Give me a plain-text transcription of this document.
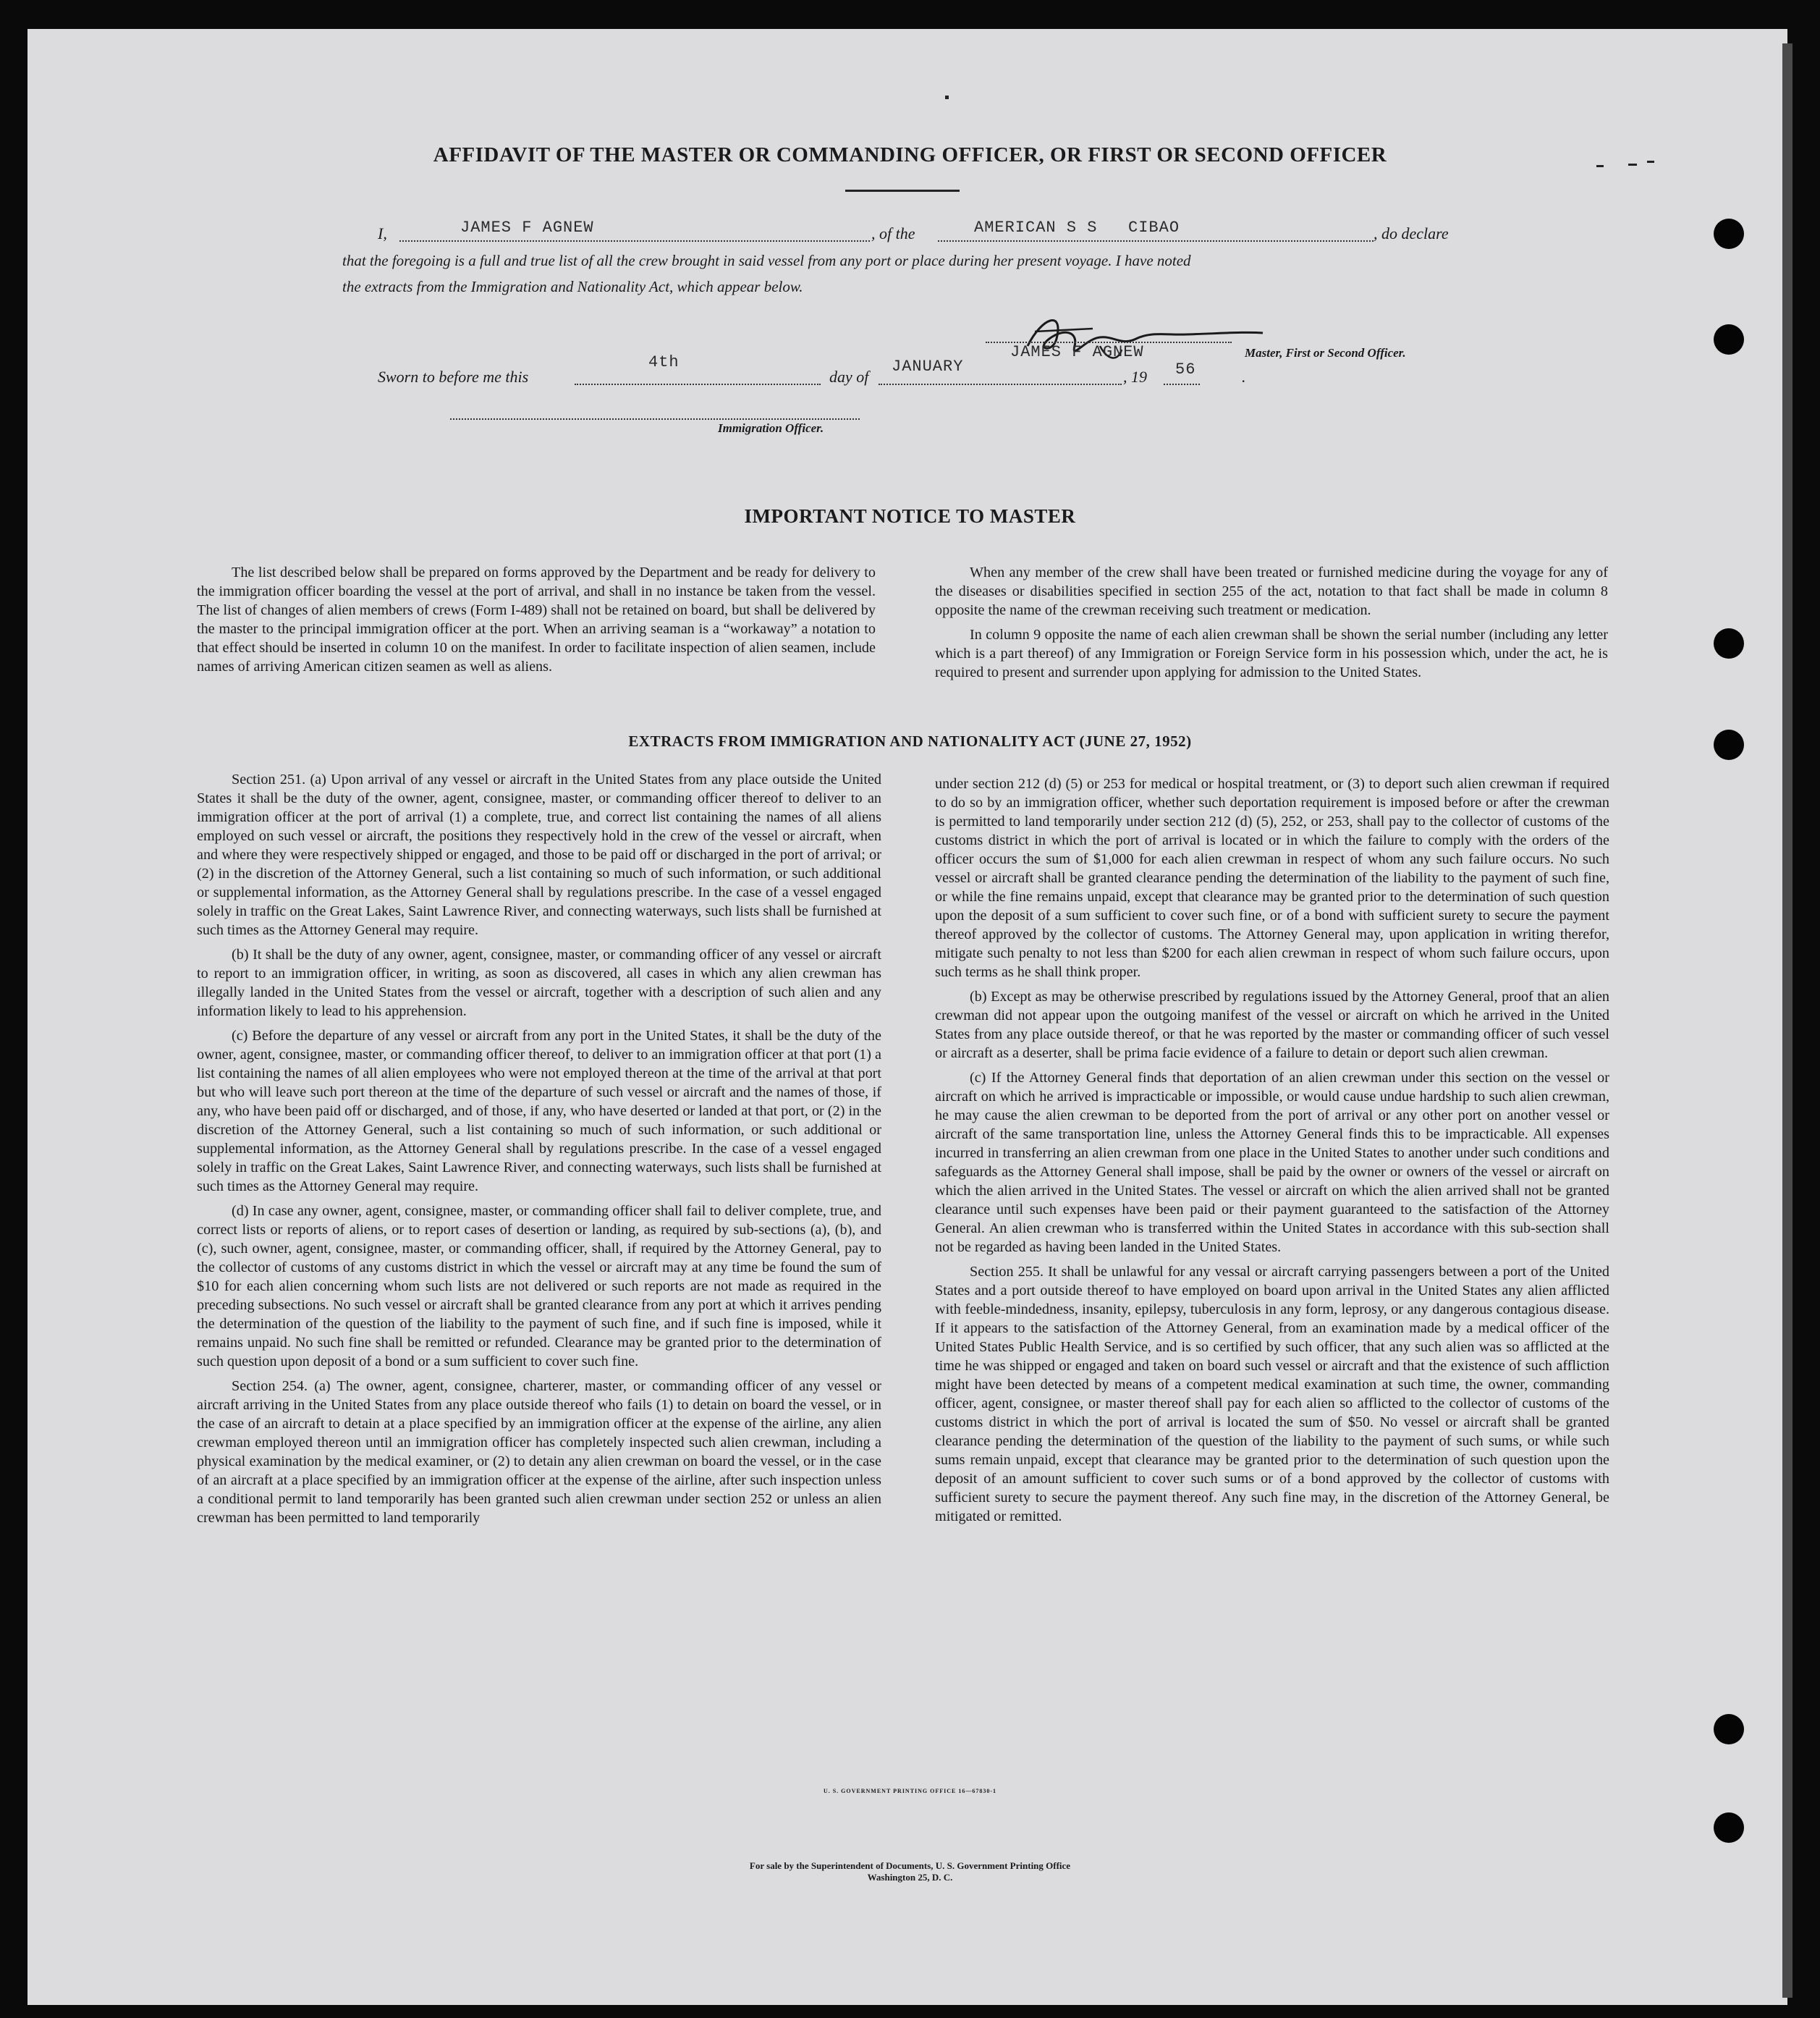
AFFIDAVIT OF THE MASTER OR COMMANDING OFFICER, OR FIRST OR SECOND OFFICER
I,	JAMES F AGNEW	, of the	AMERICAN S S   CIBAO	, do declare
that the foregoing is a full and true list of all the crew brought in said vessel from any port or place during her present voyage. I have noted
the extracts from the Immigration and Nationality Act, which appear below.
JAMES F AGNEW	Master, First or Second Officer.
Sworn to before me this
4th
day of
JANUARY
, 19 56	.
Immigration Officer.
IMPORTANT NOTICE TO MASTER

The list described below shall be prepared on forms approved by the Department and be ready for delivery to the immigration officer boarding the vessel at the port of arrival, and shall in no instance be taken from the vessel. The list of changes of alien members of crews (Form I-489) shall not be retained on board, but shall be delivered by the master to the principal immigration officer at the port. When an arriving seaman is a “workaway” a notation to that effect should be inserted in column 10 on the manifest. In order to facilitate inspection of alien seamen, include names of arriving American citizen seamen as well as aliens.

When any member of the crew shall have been treated or furnished medicine during the voyage for any of the diseases or disabilities specified in section 255 of the act, notation to that fact shall be made in column 8 opposite the name of the crewman receiving such treatment or medication.

In column 9 opposite the name of each alien crewman shall be shown the serial number (including any letter which is a part thereof) of any Immigration or Foreign Service form in his possession which, under the act, he is required to present and surrender upon applying for admission to the United States.

EXTRACTS FROM IMMIGRATION AND NATIONALITY ACT (JUNE 27, 1952)

Section 251. (a) Upon arrival of any vessel or aircraft in the United States from any place outside the United States it shall be the duty of the owner, agent, consignee, master, or commanding officer thereof to deliver to an immigration officer at the port of arrival (1) a complete, true, and correct list containing the names of all aliens employed on such vessel or aircraft, the positions they respectively hold in the crew of the vessel or aircraft, when and where they were respectively shipped or engaged, and those to be paid off or discharged in the port of arrival; or (2) in the discretion of the Attorney General, such a list containing so much of such information, or such additional or supplemental information, as the Attorney General shall by regulations prescribe. In the case of a vessel engaged solely in traffic on the Great Lakes, Saint Lawrence River, and connecting waterways, such lists shall be furnished at such times as the Attorney General may require.

(b) It shall be the duty of any owner, agent, consignee, master, or commanding officer of any vessel or aircraft to report to an immigration officer, in writing, as soon as discovered, all cases in which any alien crewman has illegally landed in the United States from the vessel or aircraft, together with a description of such alien and any information likely to lead to his apprehension.

(c) Before the departure of any vessel or aircraft from any port in the United States, it shall be the duty of the owner, agent, consignee, master, or commanding officer thereof, to deliver to an immigration officer at that port (1) a list containing the names of all alien employees who were not employed thereon at the time of the arrival at that port but who will leave such port thereon at the time of the departure of such vessel or aircraft and the names of those, if any, who have been paid off or discharged, and of those, if any, who have deserted or landed at that port, or (2) in the discretion of the Attorney General, such a list containing so much of such information, or such additional or supplemental information, as the Attorney General shall by regulations prescribe. In the case of a vessel engaged solely in traffic on the Great Lakes, Saint Lawrence River, and connecting waterways, such lists shall be furnished at such times as the Attorney General may require.

(d) In case any owner, agent, consignee, master, or commanding officer shall fail to deliver complete, true, and correct lists or reports of aliens, or to report cases of desertion or landing, as required by sub-sections (a), (b), and (c), such owner, agent, consignee, master, or commanding officer, shall, if required by the Attorney General, pay to the collector of customs of any customs district in which the vessel or aircraft may at any time be found the sum of $10 for each alien concerning whom such lists are not delivered or such reports are not made as required in the preceding subsections. No such vessel or aircraft shall be granted clearance from any port at which it arrives pending the determination of the question of the liability to the payment of such fine, and if such fine is imposed, while it remains unpaid. No such fine shall be remitted or refunded. Clearance may be granted prior to the determination of such question upon deposit of a bond or a sum sufficient to cover such fine.

Section 254. (a) The owner, agent, consignee, charterer, master, or commanding officer of any vessel or aircraft arriving in the United States from any place outside thereof who fails (1) to detain on board the vessel, or in the case of an aircraft to detain at a place specified by an immigration officer at the expense of the airline, any alien crewman employed thereon until an immigration officer has completely inspected such alien crewman, including a physical examination by the medical examiner, or (2) to detain any alien crewman on board the vessel, or in the case of an aircraft at a place specified by an immigration officer at the expense of the airline, after such inspection unless a conditional permit to land temporarily has been granted such alien crewman under section 252 or unless an alien crewman has been permitted to land temporarily

under section 212 (d) (5) or 253 for medical or hospital treatment, or (3) to deport such alien crewman if required to do so by an immigration officer, whether such deportation requirement is imposed before or after the crewman is permitted to land temporarily under section 212 (d) (5), 252, or 253, shall pay to the collector of customs of the customs district in which the port of arrival is located or in which the failure to comply with the orders of the officer occurs the sum of $1,000 for each alien crewman in respect of whom any such failure occurs. No such vessel or aircraft shall be granted clearance pending the determination of the liability to the payment of such fine, or while the fine remains unpaid, except that clearance may be granted prior to the determination of such question upon the deposit of a sum sufficient to cover such fine, or of a bond with sufficient surety to secure the payment thereof approved by the collector of customs. The Attorney General may, upon application in writing therefor, mitigate such penalty to not less than $200 for each alien crewman in respect of whom such failure occurs, upon such terms as he shall think proper.

(b) Except as may be otherwise prescribed by regulations issued by the Attorney General, proof that an alien crewman did not appear upon the outgoing manifest of the vessel or aircraft on which he arrived in the United States from any place outside thereof, or that he was reported by the master or commanding officer of such vessel or aircraft as a deserter, shall be prima facie evidence of a failure to detain or deport such alien crewman.

(c) If the Attorney General finds that deportation of an alien crewman under this section on the vessel or aircraft on which he arrived is impracticable or impossible, or would cause undue hardship to such alien crewman, he may cause the alien crewman to be deported from the port of arrival or any other port on another vessel or aircraft of the same transportation line, unless the Attorney General finds this to be impracticable. All expenses incurred in transferring an alien crewman from one place in the United States to another under such conditions and safeguards as the Attorney General shall impose, shall be paid by the owner or owners of the vessel or aircraft on which the alien arrived in the United States. The vessel or aircraft on which the alien arrived shall not be granted clearance until such expenses have been paid or their payment guaranteed to the satisfaction of the Attorney General. An alien crewman who is transferred within the United States in accordance with this sub-section shall not be regarded as having been landed in the United States.

Section 255. It shall be unlawful for any vessal or aircraft carrying passengers between a port of the United States and a port outside thereof to have employed on board upon arrival in the United States any alien afflicted with feeble-mindedness, insanity, epilepsy, tuberculosis in any form, leprosy, or any dangerous contagious disease. If it appears to the satisfaction of the Attorney General, from an examination made by a medical officer of the United States Public Health Service, and is so certified by such officer, that any such alien was so afflicted at the time he was shipped or engaged and taken on board such vessel or aircraft and that the existence of such affliction might have been detected by means of a competent medical examination at such time, the owner, commanding officer, agent, consignee, or master thereof shall pay for each alien so afflicted to the collector of customs of the customs district in which the port of arrival is located the sum of $50. No vessel or aircraft shall be granted clearance pending the determination of the question of the liability to the payment of such sums, or while such sums remain unpaid, except that clearance may be granted prior to the determination of such question upon the deposit of an amount sufficient to cover such sums or of a bond approved by the collector of customs with sufficient surety to secure the payment thereof. Any such fine may, in the discretion of the Attorney General, be mitigated or remitted.

U. S. GOVERNMENT PRINTING OFFICE 16—67830-1
For sale by the Superintendent of Documents, U. S. Government Printing Office
Washington 25, D. C.
